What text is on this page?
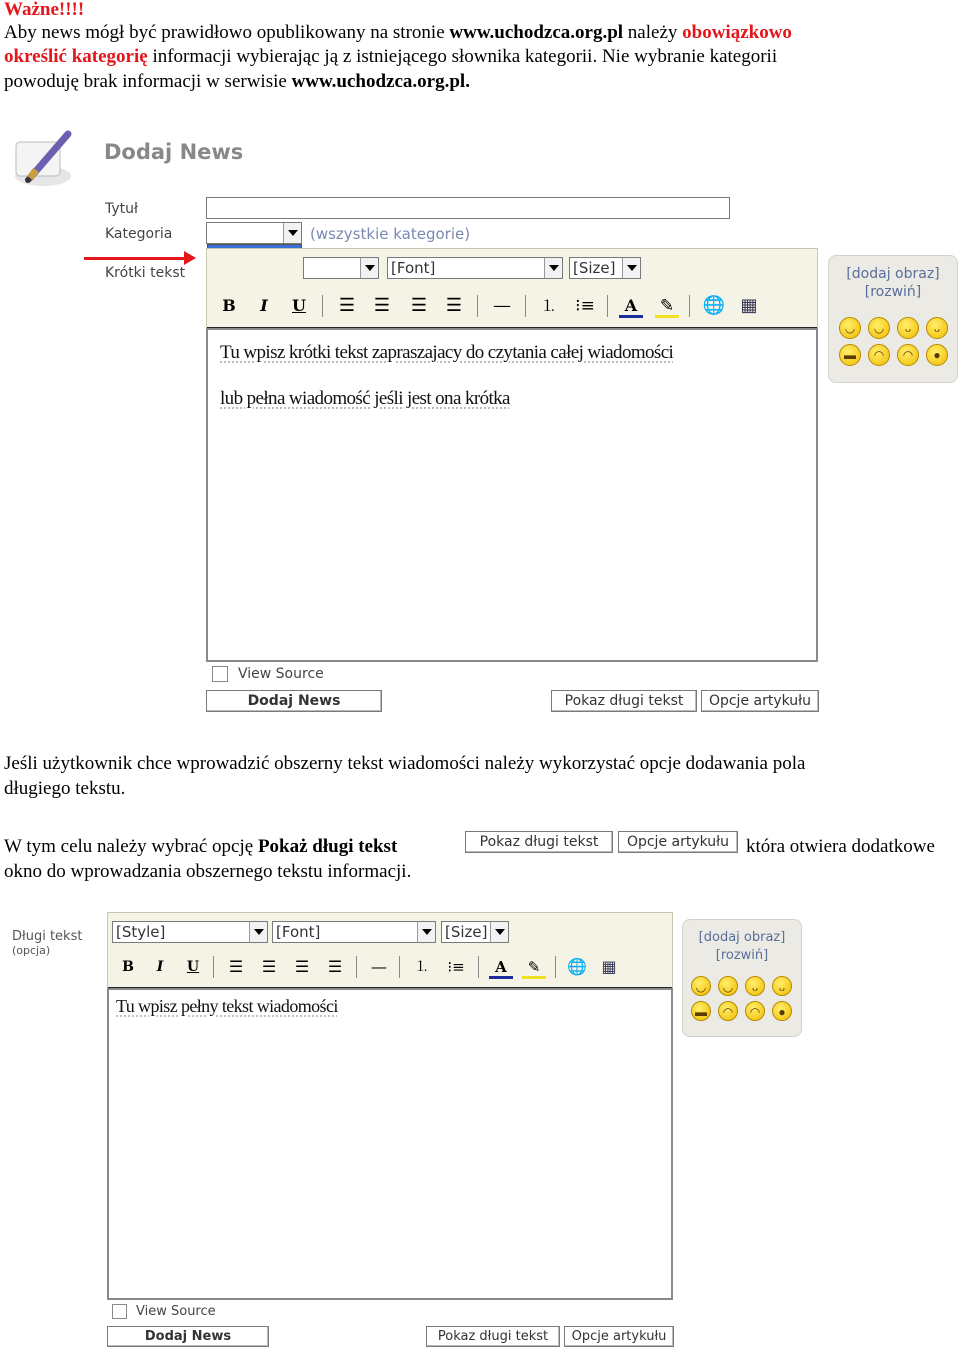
Ważne!!!!
Aby news mógł być prawidłowo opublikowany na stronie www.uchodzca.org.pl należy obowiązkowo
określić kategorię informacji wybierając ją z istniejącego słownika kategorii. Nie wybranie kategorii
powoduję brak informacji w serwisie www.uchodzca.org.pl.
Dodaj News
Tytuł
Kategoria	(wszystkie kategorie)
Krótki tekst	[Font]	[Size]
B	I	U ☰ ☰ ☰ ☰ — ⒈ ⁝≡	A	✎ 🌐 ▦
Tu wpisz krótki tekst zapraszajacy do czytania całej wiadomości
lub pełna wiadomość jeśli jest ona krótka
[dodaj obraz]
[rozwiń]
◡	◡	ᴗ	ᴗ
▬	◠	◠	●
View Source
Dodaj News	Pokaz długi tekst	Opcje artykułu
Jeśli użytkownik chce wprowadzić obszerny tekst wiadomości należy wykorzystać opcje dodawania pola
długiego tekstu.
W tym celu należy wybrać opcję Pokaż długi tekst	Pokaz długi tekst	Opcje artykułu która otwiera dodatkowe
okno do wprowadzania obszernego tekstu informacji.
Długi tekst
(opcja)
[Style]	[Font]	[Size]
B	I	U	☰	☰	☰	☰	—	⒈	⁝≡	A	✎	🌐 ▦
Tu wpisz pełny tekst wiadomości
[dodaj obraz]
[rozwiń]
◡	◡	ᴗ	ᴗ
▬	◠	◠	●
View Source
Dodaj News	Pokaz długi tekst	Opcje artykułu
